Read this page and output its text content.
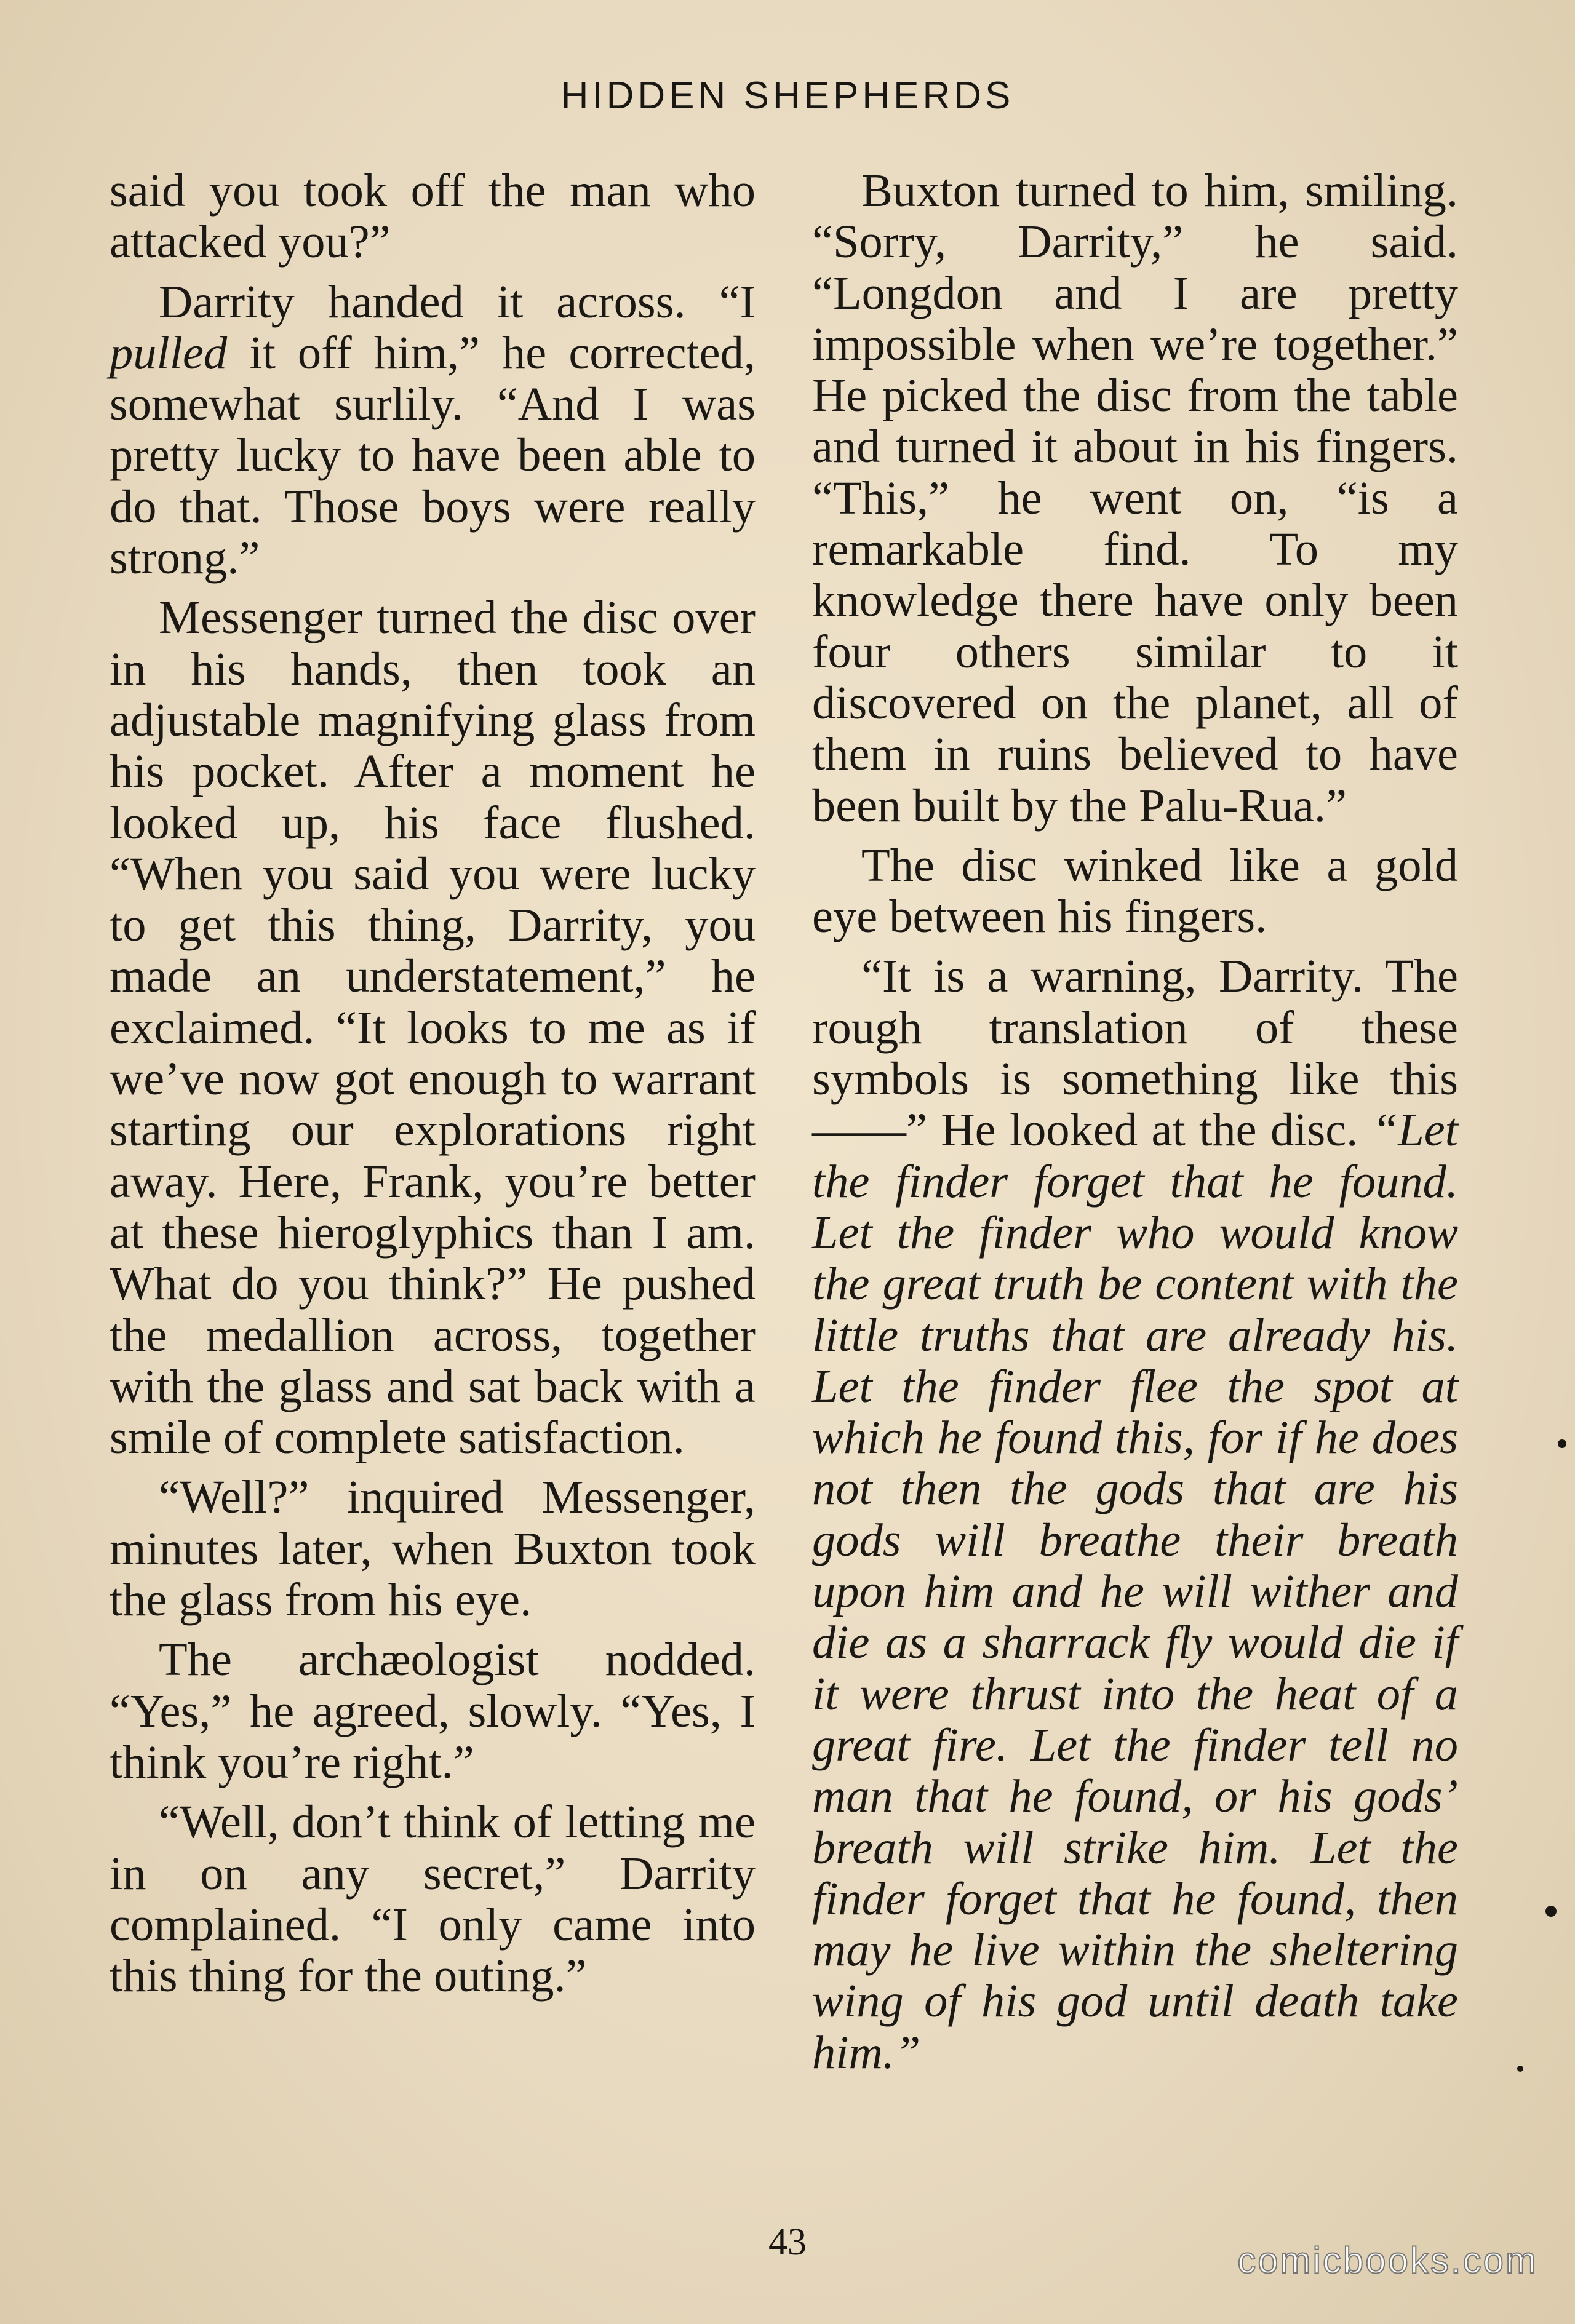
HIDDEN SHEPHERDS

said you took off the man who attacked you?”

Darrity handed it across. “I pulled it off him,” he corrected, somewhat surlily. “And I was pretty lucky to have been able to do that. Those boys were really strong.”

Messenger turned the disc over in his hands, then took an adjustable magnifying glass from his pocket. After a moment he looked up, his face flushed. “When you said you were lucky to get this thing, Darrity, you made an understatement,” he exclaimed. “It looks to me as if we’ve now got enough to warrant starting our explorations right away. Here, Frank, you’re better at these hieroglyphics than I am. What do you think?” He pushed the medallion across, together with the glass and sat back with a smile of complete satisfaction.

“Well?” inquired Messenger, minutes later, when Buxton took the glass from his eye.

The archæologist nodded. “Yes,” he agreed, slowly. “Yes, I think you’re right.”

“Well, don’t think of letting me in on any secret,” Darrity complained. “I only came into this thing for the outing.”

Buxton turned to him, smiling. “Sorry, Darrity,” he said. “Longdon and I are pretty impossible when we’re together.” He picked the disc from the table and turned it about in his fingers. “This,” he went on, “is a remarkable find. To my knowledge there have only been four others similar to it discovered on the planet, all of them in ruins believed to have been built by the Palu-Rua.”

The disc winked like a gold eye between his fingers.

“It is a warning, Darrity. The rough translation of these symbols is something like this——” He looked at the disc. “Let the finder forget that he found. Let the finder who would know the great truth be content with the little truths that are already his. Let the finder flee the spot at which he found this, for if he does not then the gods that are his gods will breathe their breath upon him and he will wither and die as a sharrack fly would die if it were thrust into the heat of a great fire. Let the finder tell no man that he found, or his gods’ breath will strike him. Let the finder forget that he found, then may he live within the sheltering wing of his god until death take him.”

43	comicbooks.com
